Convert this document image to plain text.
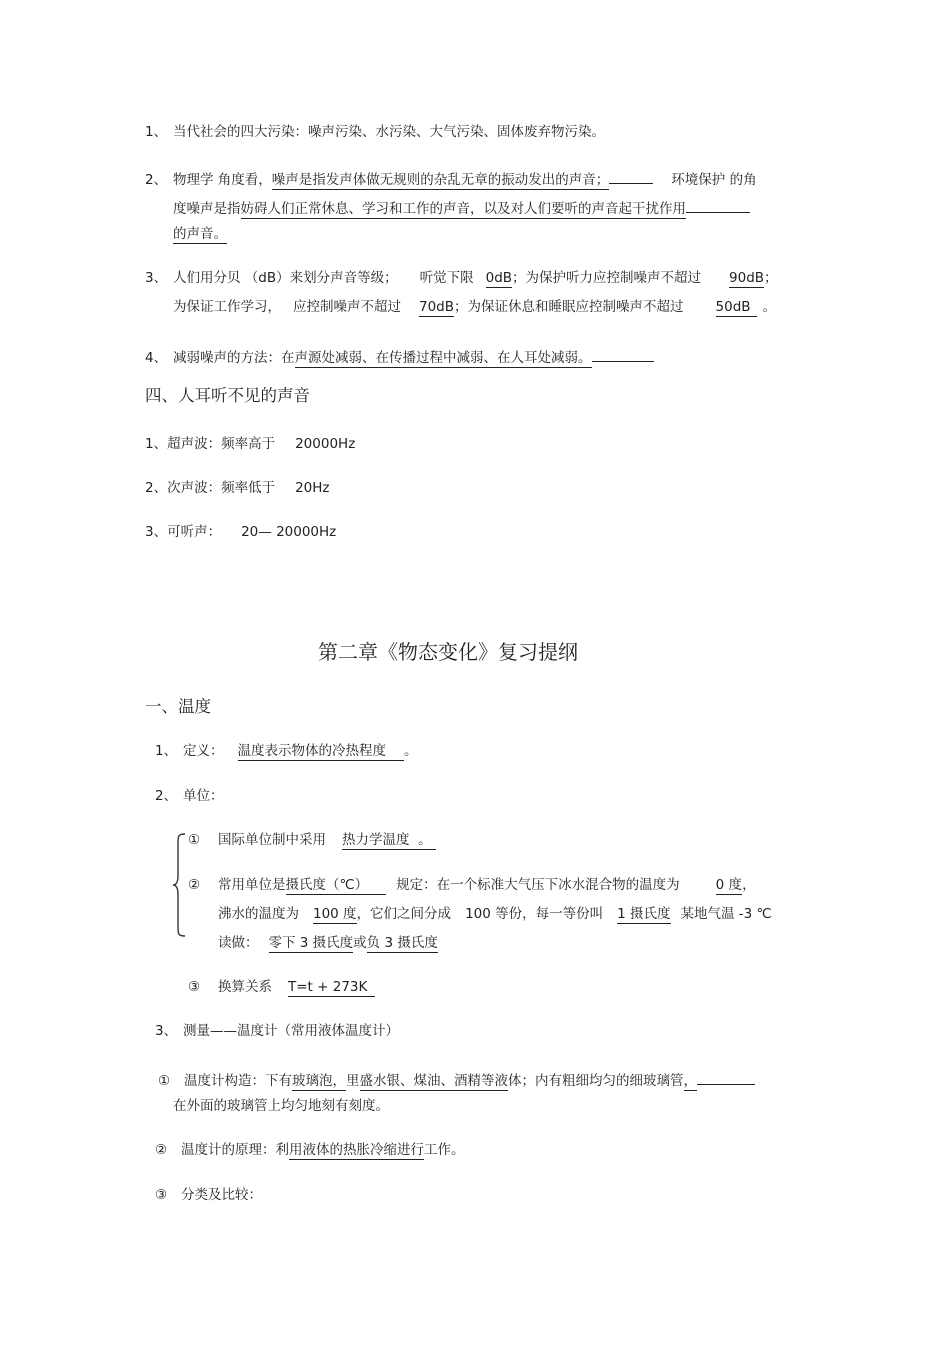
1、 当代社会的四大污染：噪声污染、水污染、大气污染、固体废弃物污染。
2、 物理学 角度看，噪声是指发声体做无规则的杂乱无章的振动发出的声音；	环境保护 的角
度噪声是指妨碍人们正常休息、学习和工作的声音，以及对人们要听的声音起干扰作用
的声音。
3、 人们用分贝 （dB）来划分声音等级； 听觉下限 0dB；为保护听力应控制噪声不超过 90dB；
为保证工作学习， 应控制噪声不超过 70dB；为保证休息和睡眠应控制噪声不超过 50dB 。
4、 减弱噪声的方法：在声源处减弱、在传播过程中减弱、在人耳处减弱。
四、人耳听不见的声音
1、超声波：频率高于 20000Hz
2、次声波：频率低于 20Hz
3、可听声： 20— 20000Hz
第二章《物态变化》复习提纲
一、温度
1、 定义： 温度表示物体的冷热程度 。
2、 单位：
① 国际单位制中采用 热力学温度 。
② 常用单位是摄氏度（℃） 规定：在一个标准大气压下冰水混合物的温度为	0 度，
沸水的温度为 100 度，它们之间分成 100 等份，每一等份叫 1 摄氏度 某地气温 -3 ℃
读做： 零下 3 摄氏度或负 3 摄氏度
③ 换算关系 T=t + 273K
3、 测量——温度计（常用液体温度计）
① 温度计构造：下有玻璃泡，里盛水银、煤油、酒精等液体；内有粗细均匀的细玻璃管，
在外面的玻璃管上均匀地刻有刻度。
② 温度计的原理：利用液体的热胀冷缩进行工作。
③ 分类及比较：
